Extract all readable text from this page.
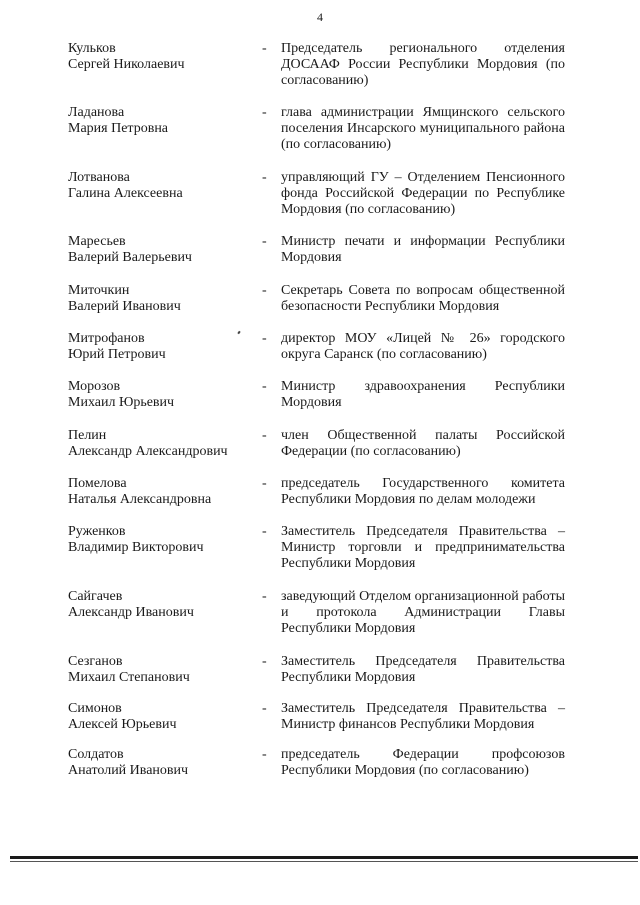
4
Кульков
Сергей Николаевич
- Председатель регионального отделения ДОСААФ России Республики Мордовия (по согласованию)
Ладанова
Мария Петровна
- глава администрации Ямщинского сельского поселения Инсарского муниципального района (по согласованию)
Лотванова
Галина Алексеевна
- управляющий ГУ – Отделением Пенсионного фонда Российской Федерации по Республике Мордовия (по согласованию)
Маресьев
Валерий Валерьевич
- Министр печати и информации Республики Мордовия
Миточкин
Валерий Иванович
- Секретарь Совета по вопросам общественной безопасности Республики Мордовия
Митрофанов
Юрий Петрович
- директор МОУ «Лицей № 26» городского округа Саранск (по согласованию)
Морозов
Михаил Юрьевич
- Министр здравоохранения Республики Мордовия
Пелин
Александр Александрович
- член Общественной палаты Российской Федерации (по согласованию)
Помелова
Наталья Александровна
- председатель Государственного комитета Республики Мордовия по делам молодежи
Руженков
Владимир Викторович
- Заместитель Председателя Правительства – Министр торговли и предпринимательства Республики Мордовия
Сайгачев
Александр Иванович
- заведующий Отделом организационной работы и протокола Администрации Главы Республики Мордовия
Сезганов
Михаил Степанович
- Заместитель Председателя Правительства Республики Мордовия
Симонов
Алексей Юрьевич
- Заместитель Председателя Правительства – Министр финансов Республики Мордовия
Солдатов
Анатолий Иванович
- председатель Федерации профсоюзов Республики Мордовия (по согласованию)
